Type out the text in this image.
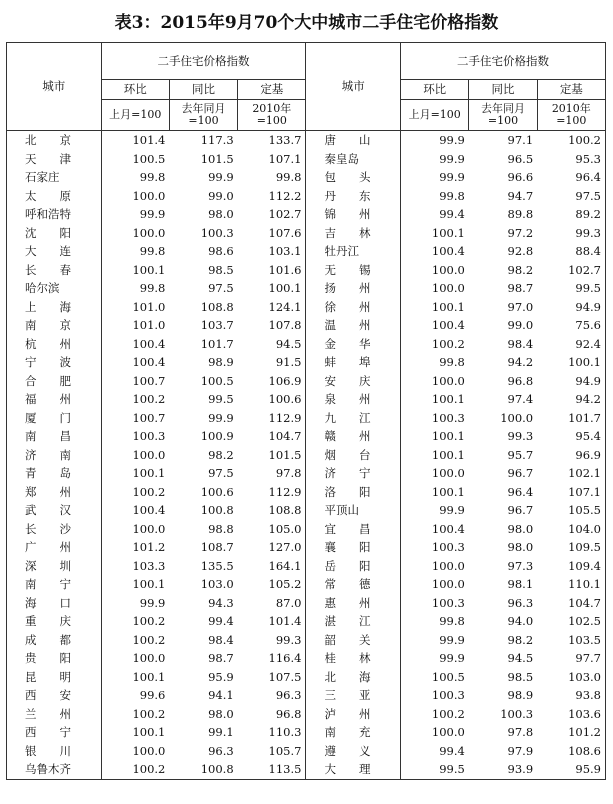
表3：2015年9月70个大中城市二手住宅价格指数
城市	二手住宅价格指数			城市	二手住宅价格指数		
	环比	同比	定基		环比	同比	定基
	上月=100	去年同月=100	2010年=100		上月=100	去年同月=100	2010年=100
北　　京	101.4	117.3	133.7	唐　　山	99.9	97.1	100.2
天　　津	100.5	101.5	107.1	秦皇岛	99.9	96.5	95.3
石家庄	99.8	99.9	99.8	包　　头	99.9	96.6	96.4
太　　原	100.0	99.0	112.2	丹　　东	99.8	94.7	97.5
呼和浩特	99.9	98.0	102.7	锦　　州	99.4	89.8	89.2
沈　　阳	100.0	100.3	107.6	吉　　林	100.1	97.2	99.3
大　　连	99.8	98.6	103.1	牡丹江	100.4	92.8	88.4
长　　春	100.1	98.5	101.6	无　　锡	100.0	98.2	102.7
哈尔滨	99.8	97.5	100.1	扬　　州	100.0	98.7	99.5
上　　海	101.0	108.8	124.1	徐　　州	100.1	97.0	94.9
南　　京	101.0	103.7	107.8	温　　州	100.4	99.0	75.6
杭　　州	100.4	101.7	94.5	金　　华	100.2	98.4	92.4
宁　　波	100.4	98.9	91.5	蚌　　埠	99.8	94.2	100.1
合　　肥	100.7	100.5	106.9	安　　庆	100.0	96.8	94.9
福　　州	100.2	99.5	100.6	泉　　州	100.1	97.4	94.2
厦　　门	100.7	99.9	112.9	九　　江	100.3	100.0	101.7
南　　昌	100.3	100.9	104.7	赣　　州	100.1	99.3	95.4
济　　南	100.0	98.2	101.5	烟　　台	100.1	95.7	96.9
青　　岛	100.1	97.5	97.8	济　　宁	100.0	96.7	102.1
郑　　州	100.2	100.6	112.9	洛　　阳	100.1	96.4	107.1
武　　汉	100.4	100.8	108.8	平顶山	99.9	96.7	105.5
长　　沙	100.0	98.8	105.0	宜　　昌	100.4	98.0	104.0
广　　州	101.2	108.7	127.0	襄　　阳	100.3	98.0	109.5
深　　圳	103.3	135.5	164.1	岳　　阳	100.0	97.3	109.4
南　　宁	100.1	103.0	105.2	常　　德	100.0	98.1	110.1
海　　口	99.9	94.3	87.0	惠　　州	100.3	96.3	104.7
重　　庆	100.2	99.4	101.4	湛　　江	99.8	94.0	102.5
成　　都	100.2	98.4	99.3	韶　　关	99.9	98.2	103.5
贵　　阳	100.0	98.7	116.4	桂　　林	99.9	94.5	97.7
昆　　明	100.1	95.9	107.5	北　　海	100.5	98.5	103.0
西　　安	99.6	94.1	96.3	三　　亚	100.3	98.9	93.8
兰　　州	100.2	98.0	96.8	泸　　州	100.2	100.3	103.6
西　　宁	100.1	99.1	110.3	南　　充	100.0	97.8	101.2
银　　川	100.0	96.3	105.7	遵　　义	99.4	97.9	108.6
乌鲁木齐	100.2	100.8	113.5	大　　理	99.5	93.9	95.9
